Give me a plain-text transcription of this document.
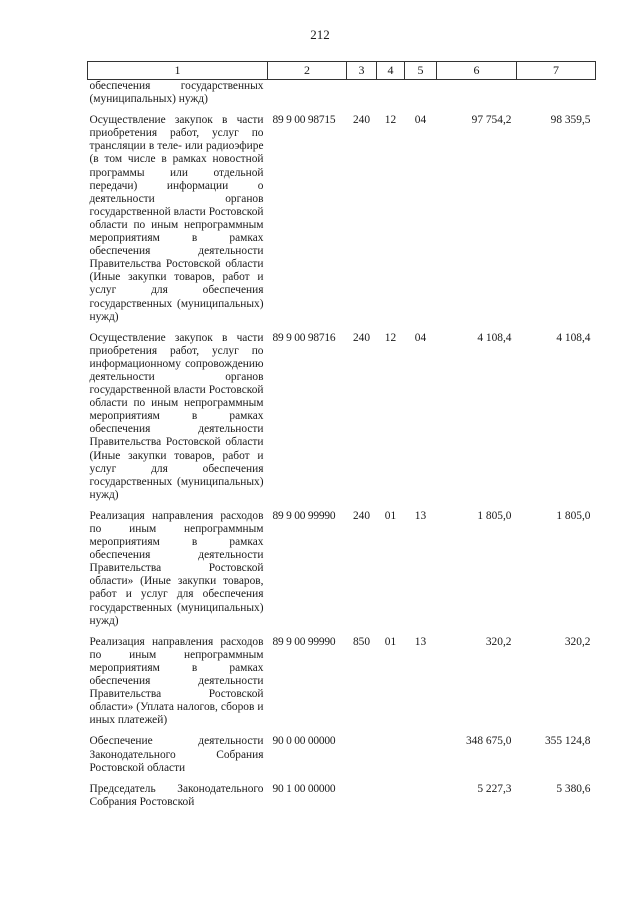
212
1	2	3	4	5	6	7
обеспечения государственных (муниципальных) нужд)						

Осуществление закупок в части приобретения работ, услуг по трансляции в теле- или радиоэфире (в том числе в рамках новостной программы или отдельной передачи) информации о деятельности органов государственной власти Ростовской области по иным непрограммным мероприятиям в рамках обеспечения деятельности Правительства Ростовской области (Иные закупки товаров, работ и услуг для обеспечения государственных (муниципальных) нужд)	89 9 00 98715	240	12	04	97 754,2	98 359,5

Осуществление закупок в части приобретения работ, услуг по информационному сопровождению деятельности органов государственной власти Ростовской области по иным непрограммным мероприятиям в рамках обеспечения деятельности Правительства Ростовской области (Иные закупки товаров, работ и услуг для обеспечения государственных (муниципальных) нужд)	89 9 00 98716	240	12	04	4 108,4	4 108,4

Реализация направления расходов по иным непрограммным мероприятиям в рамках обеспечения деятельности Правительства Ростовской области» (Иные закупки товаров, работ и услуг для обеспечения государственных (муниципальных) нужд)	89 9 00 99990	240	01	13	1 805,0	1 805,0

Реализация направления расходов по иным непрограммным мероприятиям в рамках обеспечения деятельности Правительства Ростовской области» (Уплата налогов, сборов и иных платежей)	89 9 00 99990	850	01	13	320,2	320,2

Обеспечение деятельности Законодательного Собрания Ростовской области	90 0 00 00000				348 675,0	355 124,8

Председатель Законодательного Собрания Ростовской	90 1 00 00000				5 227,3	5 380,6
